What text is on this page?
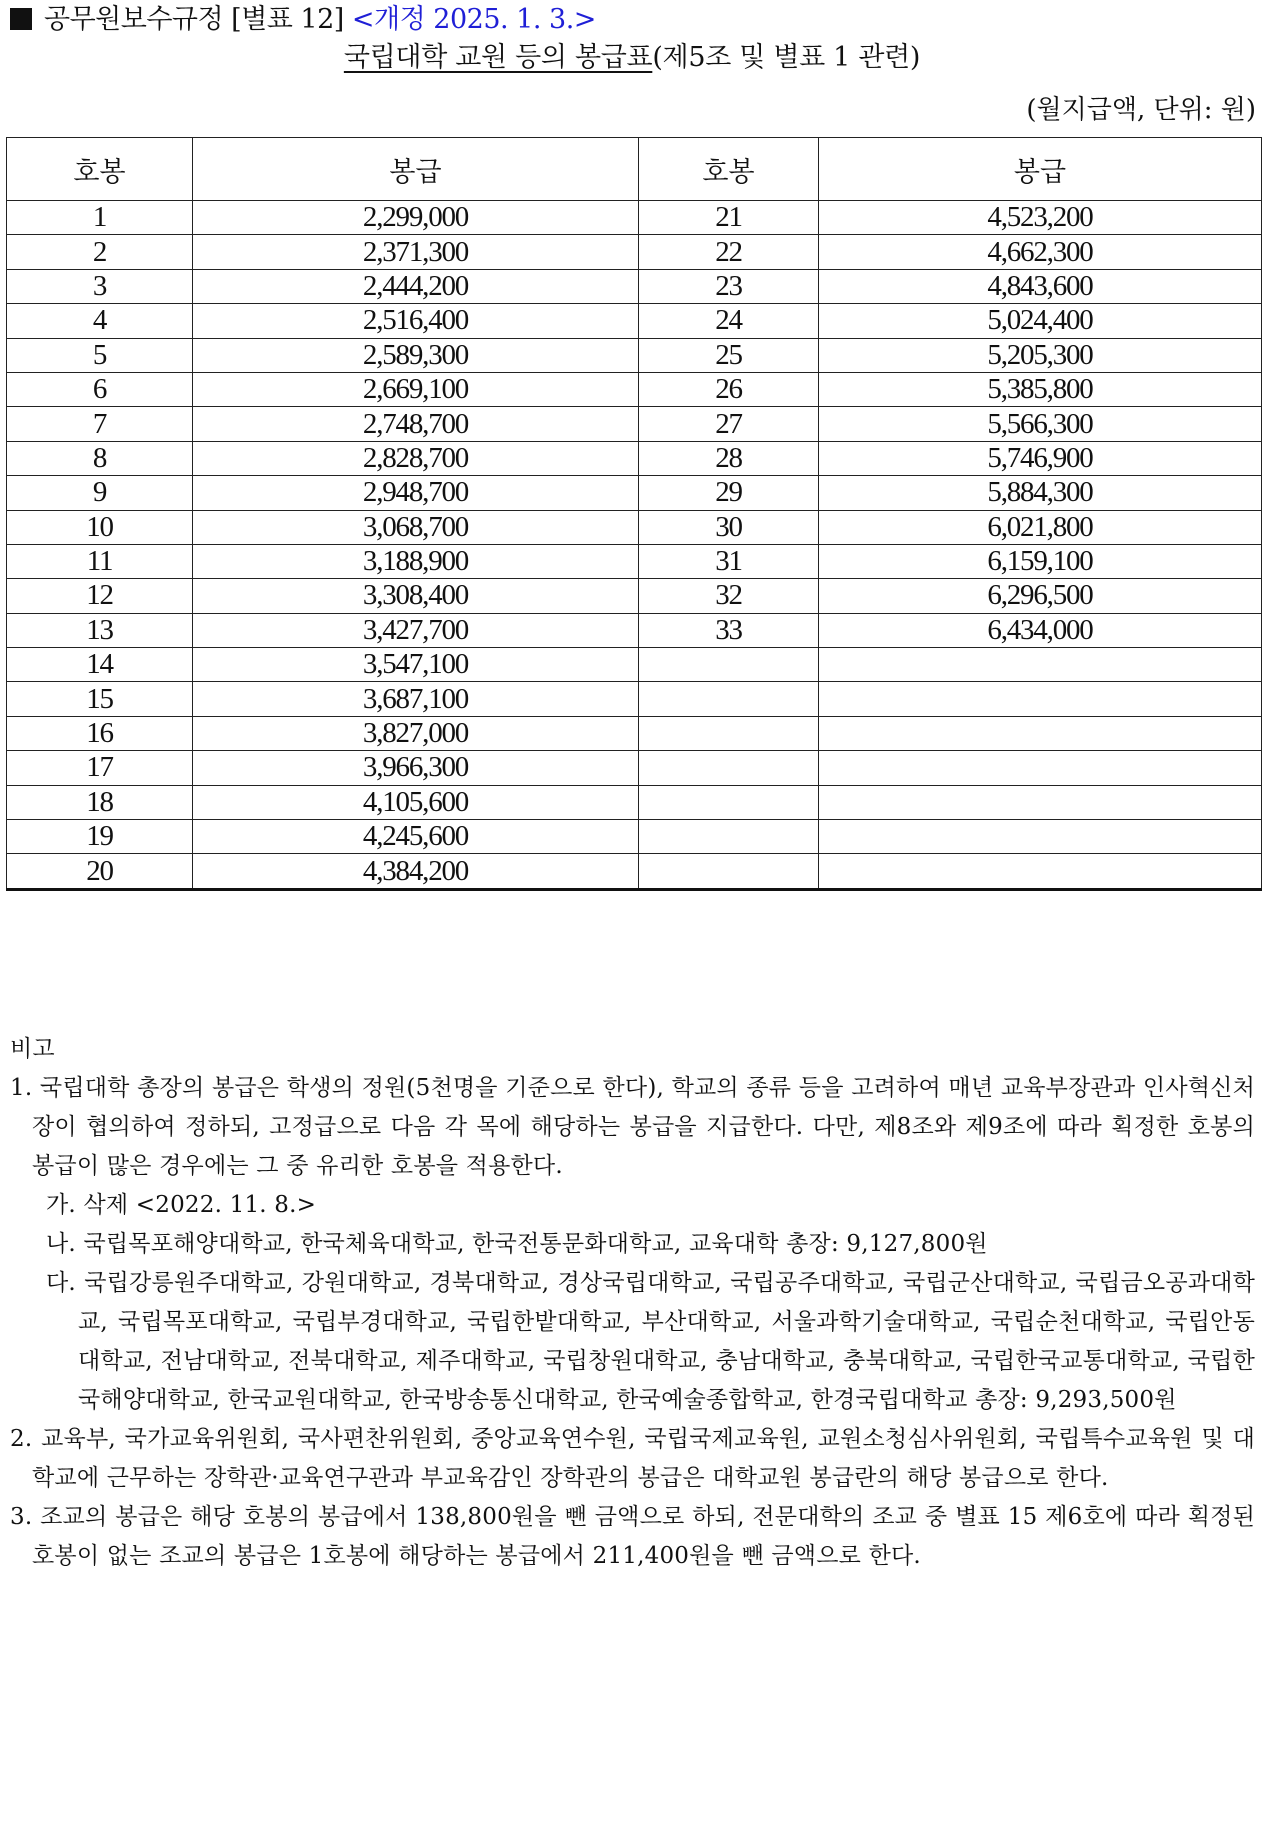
공무원보수규정 [별표 12] <개정 2025. 1. 3.>
국립대학 교원 등의 봉급표(제5조 및 별표 1 관련)
(월지급액, 단위: 원)
호봉	봉급	호봉	봉급
1	2,299,000	21	4,523,200
2	2,371,300	22	4,662,300
3	2,444,200	23	4,843,600
4	2,516,400	24	5,024,400
5	2,589,300	25	5,205,300
6	2,669,100	26	5,385,800
7	2,748,700	27	5,566,300
8	2,828,700	28	5,746,900
9	2,948,700	29	5,884,300
10	3,068,700	30	6,021,800
11	3,188,900	31	6,159,100
12	3,308,400	32	6,296,500
13	3,427,700	33	6,434,000
14	3,547,100		
15	3,687,100		
16	3,827,000		
17	3,966,300		
18	4,105,600		
19	4,245,600		
20	4,384,200		

비고

1. 국립대학 총장의 봉급은 학생의 정원(5천명을 기준으로 한다), 학교의 종류 등을 고려하여 매년 교육부장관과 인사혁신처장이 협의하여 정하되, 고정급으로 다음 각 목에 해당하는 봉급을 지급한다. 다만, 제8조와 제9조에 따라 획정한 호봉의 봉급이 많은 경우에는 그 중 유리한 호봉을 적용한다.

가. 삭제 <2022. 11. 8.>

나. 국립목포해양대학교, 한국체육대학교, 한국전통문화대학교, 교육대학 총장: 9,127,800원

다. 국립강릉원주대학교, 강원대학교, 경북대학교, 경상국립대학교, 국립공주대학교, 국립군산대학교, 국립금오공과대학교, 국립목포대학교, 국립부경대학교, 국립한밭대학교, 부산대학교, 서울과학기술대학교, 국립순천대학교, 국립안동대학교, 전남대학교, 전북대학교, 제주대학교, 국립창원대학교, 충남대학교, 충북대학교, 국립한국교통대학교, 국립한국해양대학교, 한국교원대학교, 한국방송통신대학교, 한국예술종합학교, 한경국립대학교 총장: 9,293,500원

2. 교육부, 국가교육위원회, 국사편찬위원회, 중앙교육연수원, 국립국제교육원, 교원소청심사위원회, 국립특수교육원 및 대학교에 근무하는 장학관·교육연구관과 부교육감인 장학관의 봉급은 대학교원 봉급란의 해당 봉급으로 한다.

3. 조교의 봉급은 해당 호봉의 봉급에서 138,800원을 뺀 금액으로 하되, 전문대학의 조교 중 별표 15 제6호에 따라 획정된 호봉이 없는 조교의 봉급은 1호봉에 해당하는 봉급에서 211,400원을 뺀 금액으로 한다.
